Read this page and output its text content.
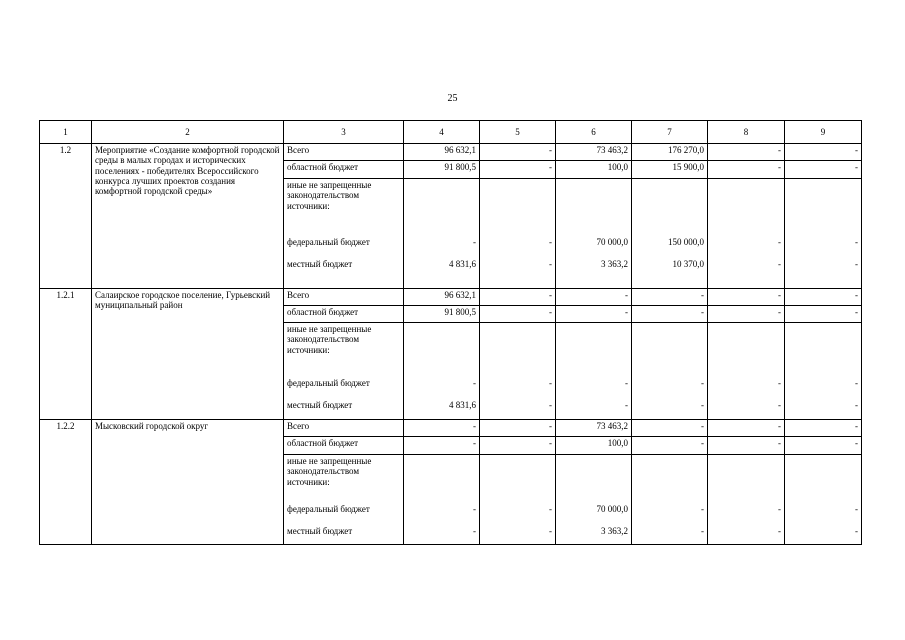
25
1	2	3	4	5	6	7	8	9
1.2	Мероприятие «Создание комфортной городской среды в малых городах и исторических поселениях - победителях Всероссийского конкурса лучших проектов создания комфортной городской среды»	Всего	96 632,1	-	73 463,2	176 270,0	-	-
		областной бюджет	91 800,5	-	100,0	15 900,0	-	-
		иные не запрещенные законодательством источники:						
		федеральный бюджет	-	-	70 000,0	150 000,0	-	-
		местный бюджет	4 831,6	-	3 363,2	10 370,0	-	-
1.2.1	Салаирское городское поселение, Гурьевский муниципальный район	Всего	96 632,1	-	-	-	-	-
		областной бюджет	91 800,5	-	-	-	-	-
		иные не запрещенные законодательством источники:						
		федеральный бюджет	-	-	-	-	-	-
		местный бюджет	4 831,6	-	-	-	-	-
1.2.2	Мысковский городской округ	Всего	-	-	73 463,2	-	-	-
		областной бюджет	-	-	100,0	-	-	-
		иные не запрещенные законодательством источники:						
		федеральный бюджет	-	-	70 000,0	-	-	-
		местный бюджет	-	-	3 363,2	-	-	-
